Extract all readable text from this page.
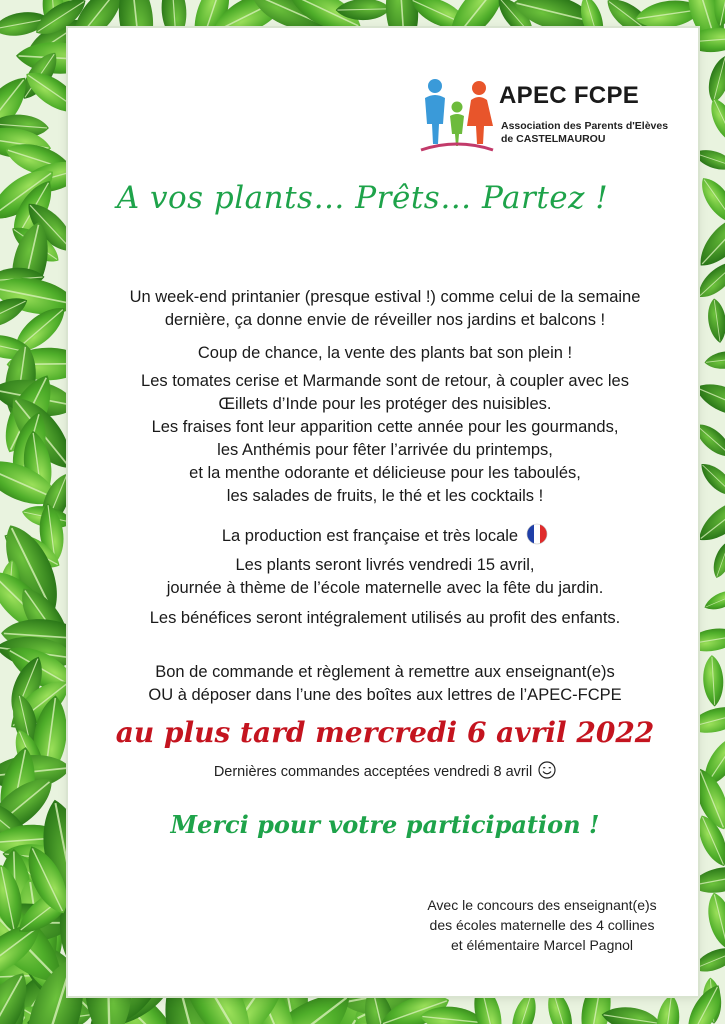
APEC FCPE
Association des Parents d'Elèves
de CASTELMAUROU
A vos plants… Prêts… Partez !

Un week-end printanier (presque estival !) comme celui de la semaine

dernière, ça donne envie de réveiller nos jardins et balcons !

Coup de chance, la vente des plants bat son plein !

Les tomates cerise et Marmande sont de retour, à coupler avec les

Œillets d’Inde pour les protéger des nuisibles.

Les fraises font leur apparition cette année pour les gourmands,

les Anthémis pour fêter l’arrivée du printemps,

et la menthe odorante et délicieuse pour les taboulés,

les salades de fruits, le thé et les cocktails !

La production est française et très locale

Les plants seront livrés vendredi 15 avril,

journée à thème de l’école maternelle avec la fête du jardin.

Les bénéfices seront intégralement utilisés au profit des enfants.

Bon de commande et règlement à remettre aux enseignant(e)s

OU à déposer dans l’une des boîtes aux lettres de l’APEC-FCPE

au plus tard mercredi 6 avril 2022
Dernières commandes acceptées vendredi 8 avril
Merci pour votre participation !
Avec le concours des enseignant(e)s
des écoles maternelle des 4 collines
et élémentaire Marcel Pagnol
